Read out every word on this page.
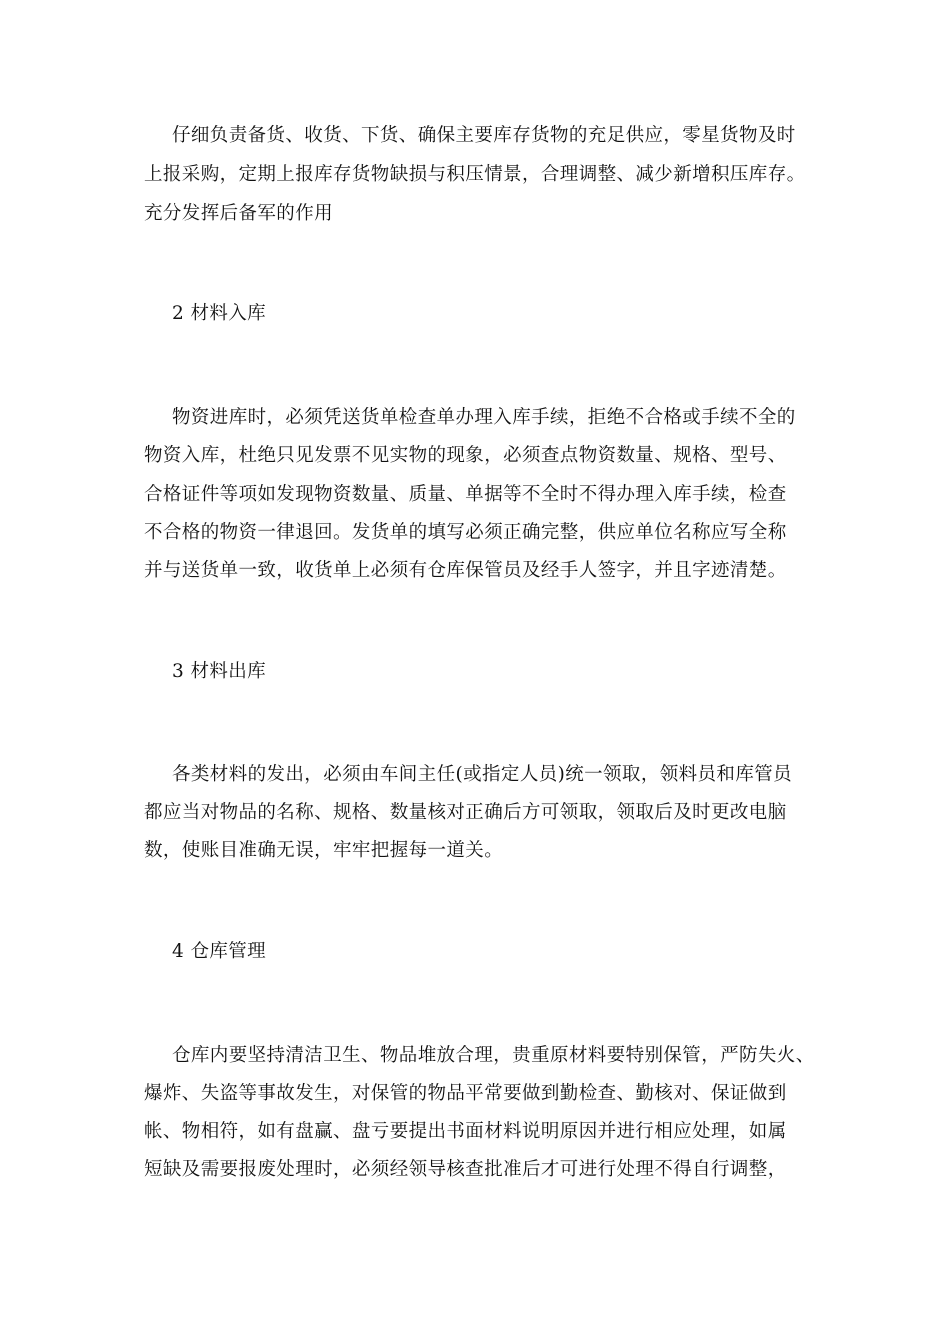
仔细负责备货、收货、下货、确保主要库存货物的充足供应，零星货物及时
上报采购，定期上报库存货物缺损与积压情景，合理调整、减少新增积压库存。
充分发挥后备军的作用
2 材料入库
物资进库时，必须凭送货单检查单办理入库手续，拒绝不合格或手续不全的
物资入库，杜绝只见发票不见实物的现象，必须查点物资数量、规格、型号、
合格证件等项如发现物资数量、质量、单据等不全时不得办理入库手续，检查
不合格的物资一律退回。发货单的填写必须正确完整，供应单位名称应写全称
并与送货单一致，收货单上必须有仓库保管员及经手人签字，并且字迹清楚。
3 材料出库
各类材料的发出，必须由车间主任(或指定人员)统一领取，领料员和库管员
都应当对物品的名称、规格、数量核对正确后方可领取，领取后及时更改电脑
数，使账目准确无误，牢牢把握每一道关。
4 仓库管理
仓库内要坚持清洁卫生、物品堆放合理，贵重原材料要特别保管，严防失火、
爆炸、失盗等事故发生，对保管的物品平常要做到勤检查、勤核对、保证做到
帐、物相符，如有盘赢、盘亏要提出书面材料说明原因并进行相应处理，如属
短缺及需要报废处理时，必须经领导核查批准后才可进行处理不得自行调整，
